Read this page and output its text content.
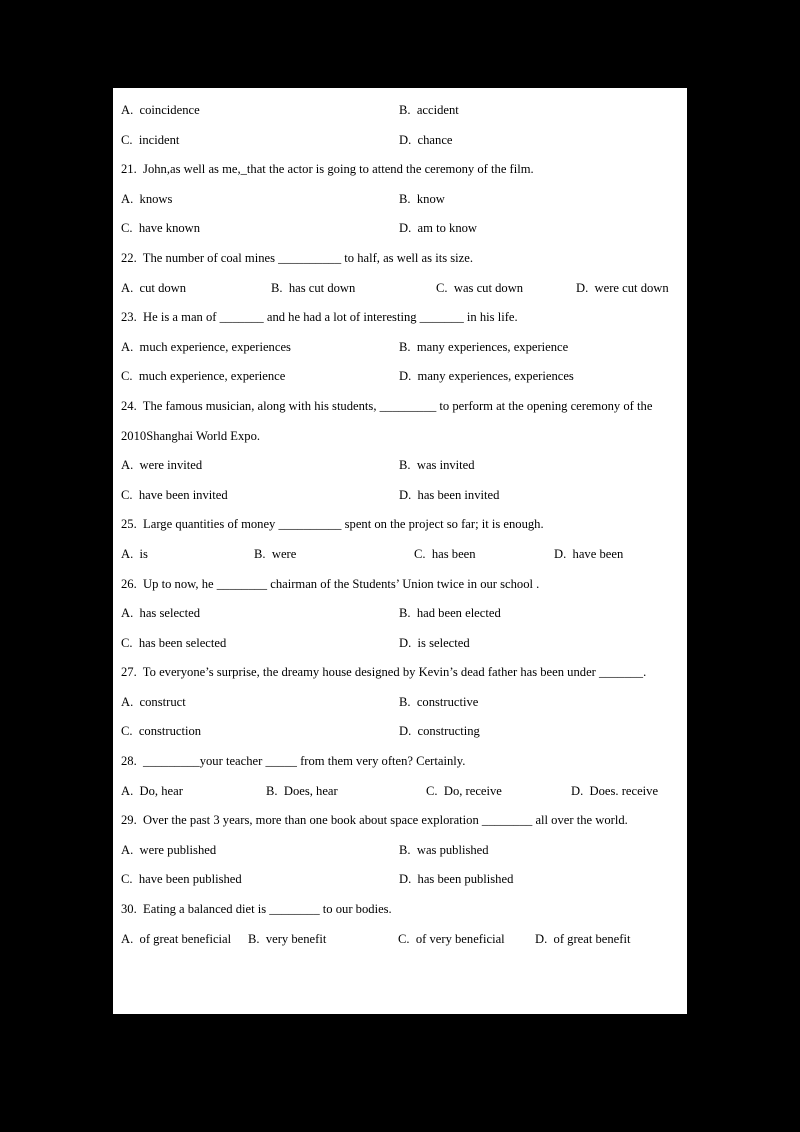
A.  coincidence	B.  accident

C.  incident	D.  chance

21.  John,as well as me,_that the actor is going to attend the ceremony of the film.

A.  knows	B.  know

C.  have known	D.  am to know

22.  The number of coal mines __________ to half, as well as its size.

A.  cut down	B.  has cut down	C.  was cut down	D.  were cut down

23.  He is a man of _______ and he had a lot of interesting _______ in his life.

A.  much experience, experiences	B.  many experiences, experience

C.  much experience, experience	D.  many experiences, experiences

24.  The famous musician, along with his students, _________ to perform at the opening ceremony of the 2010Shanghai World Expo.

A.  were invited	B.  was invited

C.  have been invited	D.  has been invited

25.  Large quantities of money __________ spent on the project so far; it is enough.

A.  is	B.  were	C.  has been	D.  have been

26.  Up to now, he ________ chairman of the Students’ Union twice in our school .

A.  has selected	B.  had been elected

C.  has been selected	D.  is selected

27.  To everyone’s surprise, the dreamy house designed by Kevin’s dead father has been under _______.

A.  construct	B.  constructive

C.  construction	D.  constructing

28.  _________your teacher _____ from them very often? Certainly.

A.  Do, hear	B.  Does, hear	C.  Do, receive	D.  Does. receive

29.  Over the past 3 years, more than one book about space exploration ________ all over the world.

A.  were published	B.  was published

C.  have been published	D.  has been published

30.  Eating a balanced diet is ________ to our bodies.

A.  of great beneficial B.  very benefit	C.  of very beneficial D.  of great benefit
